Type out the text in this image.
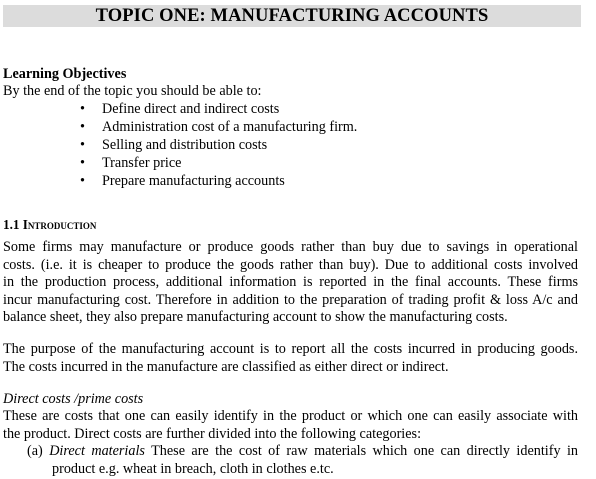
TOPIC ONE: MANUFACTURING ACCOUNTS
Learning Objectives
By the end of the topic you should be able to:
• Define direct and indirect costs
• Administration cost of a manufacturing firm.
• Selling and distribution costs
• Transfer price
• Prepare manufacturing accounts
1.1 Introduction

Some firms may manufacture or produce goods rather than buy due to savings in operational
costs. (i.e. it is cheaper to produce the goods rather than buy). Due to additional costs involved
in the production process, additional information is reported in the final accounts. These firms
incur manufacturing cost. Therefore in addition to the preparation of trading profit & loss A/c and
balance sheet, they also prepare manufacturing account to show the manufacturing costs.

The purpose of the manufacturing account is to report all the costs incurred in producing goods.
The costs incurred in the manufacture are classified as either direct or indirect.

Direct costs /prime costs

These are costs that one can easily identify in the product or which one can easily associate with
the product. Direct costs are further divided into the following categories:

(a) Direct materials These are the cost of raw materials which one can directly identify in
product e.g. wheat in breach, cloth in clothes e.tc.
